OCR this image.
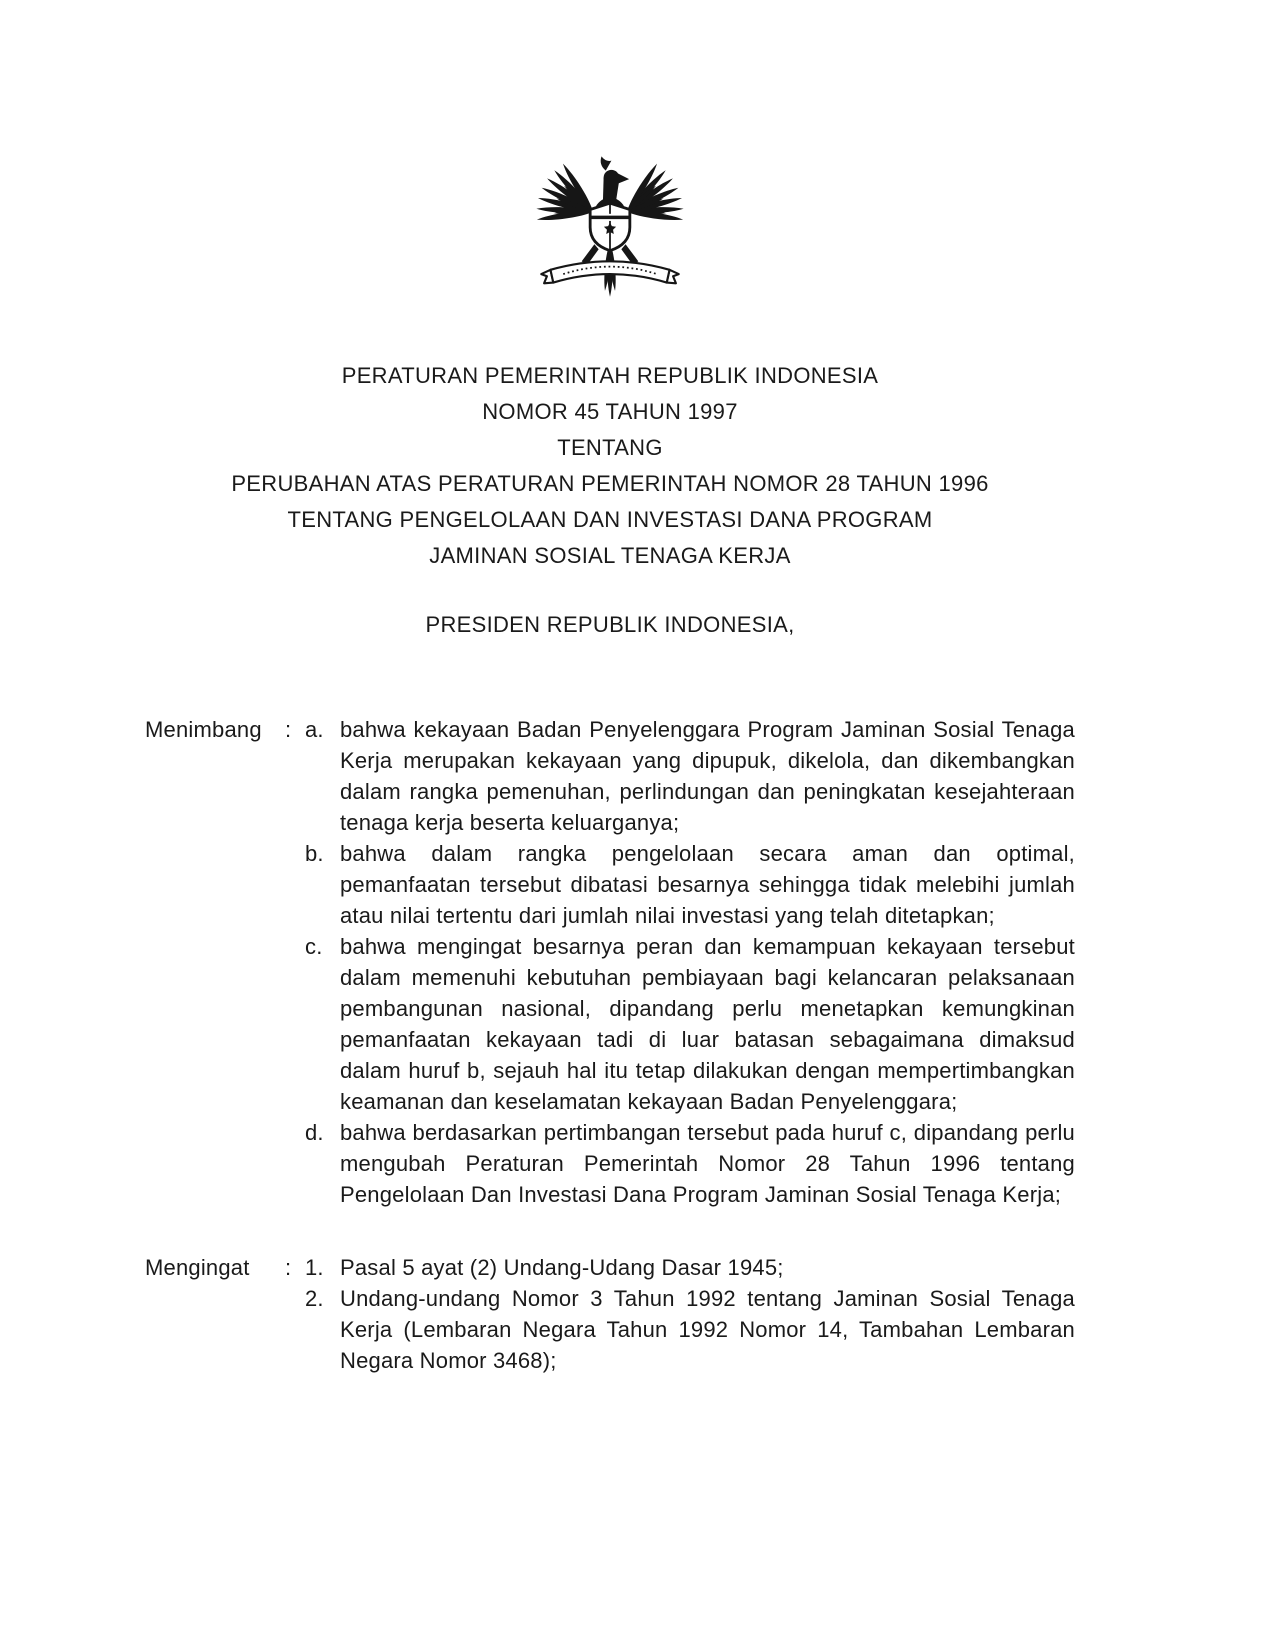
PERATURAN PEMERINTAH REPUBLIK INDONESIA
NOMOR 45 TAHUN 1997
TENTANG
PERUBAHAN ATAS PERATURAN PEMERINTAH NOMOR 28 TAHUN 1996
TENTANG PENGELOLAAN DAN INVESTASI DANA PROGRAM
JAMINAN SOSIAL TENAGA KERJA
PRESIDEN REPUBLIK INDONESIA,
Menimbang : a. bahwa kekayaan Badan Penyelenggara Program Jaminan Sosial Tenaga Kerja merupakan kekayaan yang dipupuk, dikelola, dan dikembangkan dalam rangka pemenuhan, perlindungan dan peningkatan kesejahteraan tenaga kerja beserta keluarganya;
b. bahwa dalam rangka pengelolaan secara aman dan optimal, pemanfaatan tersebut dibatasi besarnya sehingga tidak melebihi jumlah atau nilai tertentu dari jumlah nilai investasi yang telah ditetapkan;
c. bahwa mengingat besarnya peran dan kemampuan kekayaan tersebut dalam memenuhi kebutuhan pembiayaan bagi kelancaran pelaksanaan pembangunan nasional, dipandang perlu menetapkan kemungkinan pemanfaatan kekayaan tadi di luar batasan sebagaimana dimaksud dalam huruf b, sejauh hal itu tetap dilakukan dengan mempertimbangkan keamanan dan keselamatan kekayaan Badan Penyelenggara;
d. bahwa berdasarkan pertimbangan tersebut pada huruf c, dipandang perlu mengubah Peraturan Pemerintah Nomor 28 Tahun 1996 tentang Pengelolaan Dan Investasi Dana Program Jaminan Sosial Tenaga Kerja;
Mengingat : 1. Pasal 5 ayat (2) Undang-Udang Dasar 1945;
2. Undang-undang Nomor 3 Tahun 1992 tentang Jaminan Sosial Tenaga Kerja (Lembaran Negara Tahun 1992 Nomor 14, Tambahan Lembaran Negara Nomor 3468);
